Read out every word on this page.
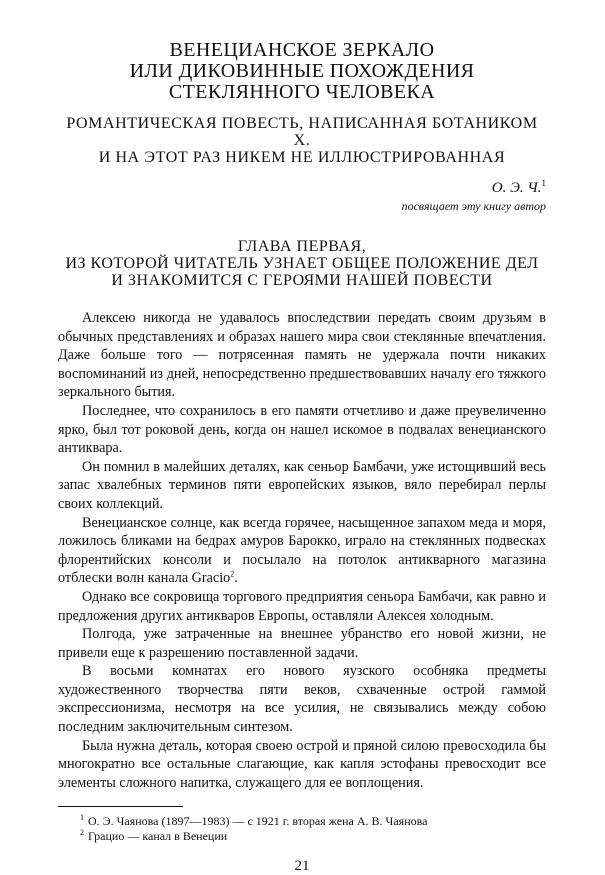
ВЕНЕЦИАНСКОЕ ЗЕРКАЛО
ИЛИ ДИКОВИННЫЕ ПОХОЖДЕНИЯ
СТЕКЛЯННОГО ЧЕЛОВЕКА
РОМАНТИЧЕСКАЯ ПОВЕСТЬ, НАПИСАННАЯ БОТАНИКОМ Х.
И НА ЭТОТ РАЗ НИКЕМ НЕ ИЛЛЮСТРИРОВАННАЯ
О. Э. Ч.$^1$
посвящает эту книгу автор
ГЛАВА ПЕРВАЯ,
ИЗ КОТОРОЙ ЧИТАТЕЛЬ УЗНАЕТ ОБЩЕЕ ПОЛОЖЕНИЕ ДЕЛ
И ЗНАКОМИТСЯ С ГЕРОЯМИ НАШЕЙ ПОВЕСТИ

Алексею никогда не удавалось впоследствии передать своим друзьям в обычных представлениях и образах нашего мира свои стеклянные впечатления. Даже больше того — потрясенная память не удержала почти никаких воспоминаний из дней, непосредственно предшествовавших началу его тяжкого зеркального бытия.

Последнее, что сохранилось в его памяти отчетливо и даже преувеличенно ярко, был тот роковой день, когда он нашел искомое в подвалах венецианского антиквара.

Он помнил в малейших деталях, как сеньор Бамбачи, уже истощивший весь запас хвалебных терминов пяти европейских языков, вяло перебирал перлы своих коллекций.

Венецианское солнце, как всегда горячее, насыщенное запахом меда и моря, ложилось бликами на бедрах амуров Барокко, играло на стеклянных подвесках флорентийских консоли и посылало на потолок антикварного магазина отблески волн канала Gracio$^2$.

Однако все сокровища торгового предприятия сеньора Бамбачи, как равно и предложения других антикваров Европы, оставляли Алексея холодным.

Полгода, уже затраченные на внешнее убранство его новой жизни, не привели еще к разрешению поставленной задачи.

В восьми комнатах его нового яузского особняка предметы художественного творчества пяти веков, схваченные острой гаммой экспрессионизма, несмотря на все усилия, не связывались между собою последним заключительным синтезом.

Была нужна деталь, которая своею острой и пряной силою превосходила бы многократно все остальные слагающие, как капля эстофаны превосходит все элементы сложного напитка, служащего для ее воплощения.

$^1$ О. Э. Чаянова (1897—1983) — с 1921 г. вторая жена А. В. Чаянова
$^2$ Грацио — канал в Венеции
21
